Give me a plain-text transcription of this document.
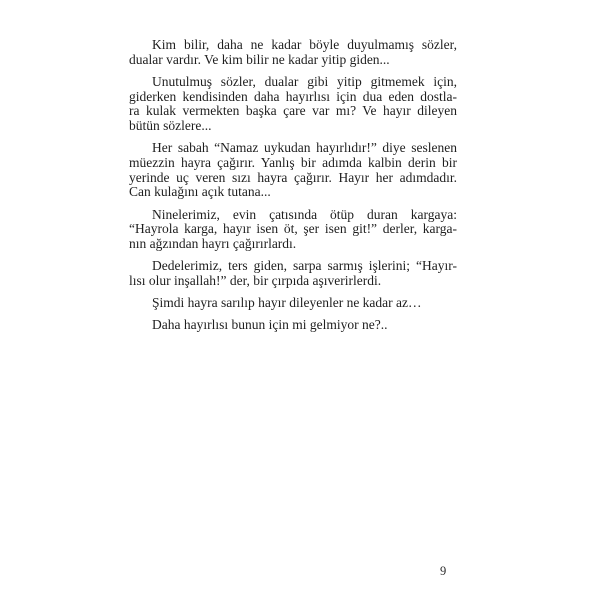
Kim bilir, daha ne kadar böyle duyulmamış sözler,
dualar vardır. Ve kim bilir ne kadar yitip giden...
Unutulmuş sözler, dualar gibi yitip gitmemek için,
giderken kendisinden daha hayırlısı için dua eden dostla-
ra kulak vermekten başka çare var mı? Ve hayır dileyen
bütün sözlere...
Her sabah “Namaz uykudan hayırlıdır!” diye seslenen
müezzin hayra çağırır. Yanlış bir adımda kalbin derin bir
yerinde uç veren sızı hayra çağırır. Hayır her adımdadır.
Can kulağını açık tutana...
Ninelerimiz, evin çatısında ötüp duran kargaya:
“Hayrola karga, hayır isen öt, şer isen git!” derler, karga-
nın ağzından hayrı çağırırlardı.
Dedelerimiz, ters giden, sarpa sarmış işlerini; “Hayır-
lısı olur inşallah!” der, bir çırpıda aşıverirlerdi.
Şimdi hayra sarılıp hayır dileyenler ne kadar az…
Daha hayırlısı bunun için mi gelmiyor ne?..
9
